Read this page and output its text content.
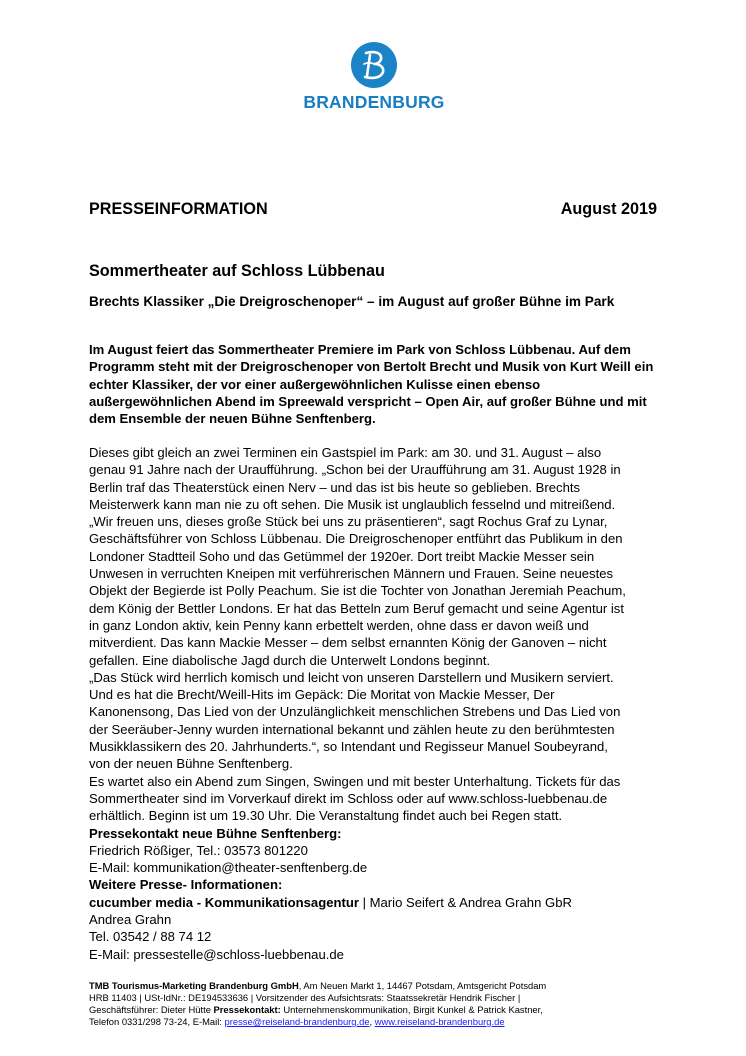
BRANDENBURG
PRESSEINFORMATION	August 2019
Sommertheater auf Schloss Lübbenau
Brechts Klassiker „Die Dreigroschenoper“ – im August auf großer Bühne im Park
Im August feiert das Sommertheater Premiere im Park von Schloss Lübbenau. Auf dem Programm steht mit der Dreigroschenoper von Bertolt Brecht und Musik von Kurt Weill ein echter Klassiker, der vor einer außergewöhnlichen Kulisse einen ebenso außergewöhnlichen Abend im Spreewald verspricht – Open Air, auf großer Bühne und mit dem Ensemble der neuen Bühne Senftenberg.
Dieses gibt gleich an zwei Terminen ein Gastspiel im Park: am 30. und 31. August – also
genau 91 Jahre nach der Uraufführung. „Schon bei der Uraufführung am 31. August 1928 in
Berlin traf das Theaterstück einen Nerv – und das ist bis heute so geblieben. Brechts
Meisterwerk kann man nie zu oft sehen. Die Musik ist unglaublich fesselnd und mitreißend.
„Wir freuen uns, dieses große Stück bei uns zu präsentieren“, sagt Rochus Graf zu Lynar,
Geschäftsführer von Schloss Lübbenau. Die Dreigroschenoper entführt das Publikum in den
Londoner Stadtteil Soho und das Getümmel der 1920er. Dort treibt Mackie Messer sein
Unwesen in verruchten Kneipen mit verführerischen Männern und Frauen. Seine neuestes
Objekt der Begierde ist Polly Peachum. Sie ist die Tochter von Jonathan Jeremiah Peachum,
dem König der Bettler Londons. Er hat das Betteln zum Beruf gemacht und seine Agentur ist
in ganz London aktiv, kein Penny kann erbettelt werden, ohne dass er davon weiß und
mitverdient. Das kann Mackie Messer – dem selbst ernannten König der Ganoven – nicht
gefallen. Eine diabolische Jagd durch die Unterwelt Londons beginnt.
„Das Stück wird herrlich komisch und leicht von unseren Darstellern und Musikern serviert.
Und es hat die Brecht/Weill-Hits im Gepäck: Die Moritat von Mackie Messer, Der
Kanonensong, Das Lied von der Unzulänglichkeit menschlichen Strebens und Das Lied von
der Seeräuber-Jenny wurden international bekannt und zählen heute zu den berühmtesten
Musikklassikern des 20. Jahrhunderts.“, so Intendant und Regisseur Manuel Soubeyrand,
von der neuen Bühne Senftenberg.
Es wartet also ein Abend zum Singen, Swingen und mit bester Unterhaltung. Tickets für das
Sommertheater sind im Vorverkauf direkt im Schloss oder auf www.schloss-luebbenau.de
erhältlich. Beginn ist um 19.30 Uhr. Die Veranstaltung findet auch bei Regen statt.
Pressekontakt neue Bühne Senftenberg:
Friedrich Rößiger, Tel.: 03573 801220
E-Mail: kommunikation@theater-senftenberg.de
Weitere Presse- Informationen:
cucumber media - Kommunikationsagentur | Mario Seifert & Andrea Grahn GbR
Andrea Grahn
Tel. 03542 / 88 74 12
E-Mail: pressestelle@schloss-luebbenau.de
TMB Tourismus-Marketing Brandenburg GmbH, Am Neuen Markt 1, 14467 Potsdam, Amtsgericht Potsdam
HRB 11403 | USt-IdNr.: DE194533636 | Vorsitzender des Aufsichtsrats: Staatssekretär Hendrik Fischer |
Geschäftsführer: Dieter Hütte Pressekontakt: Unternehmenskommunikation, Birgit Kunkel & Patrick Kastner,
Telefon 0331/298 73-24, E-Mail: presse@reiseland-brandenburg.de, www.reiseland-brandenburg.de
